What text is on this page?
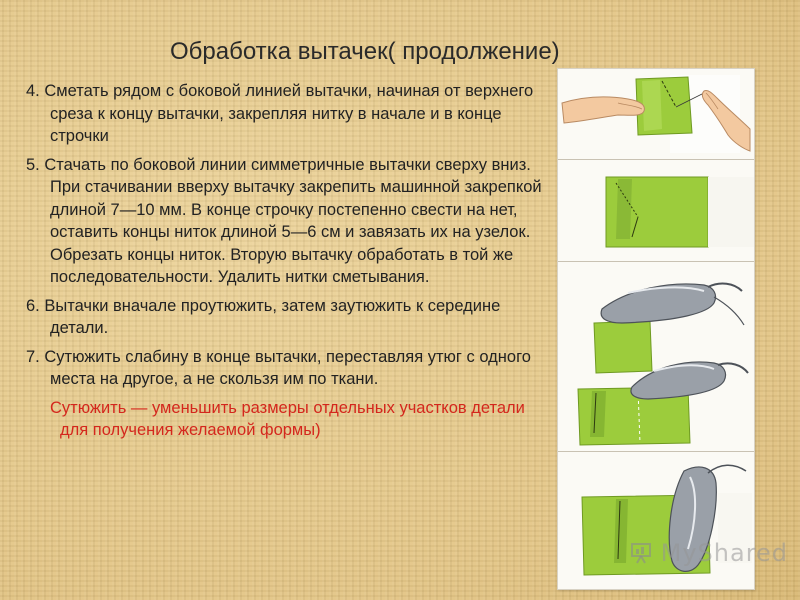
Обработка вытачек( продолжение)

4. Сметать рядом с боковой линией вытачки, начиная от верхнего среза к концу вытачки, закрепляя нитку в начале и в конце строчки

5. Стачать по боковой линии симметричные вытачки сверху вниз. При стачивании вверху вытачку закрепить машинной закрепкой длиной 7—10 мм. В конце строчку постепенно свести на нет, оставить концы ниток длиной 5—6 см и завязать их на узелок. Обрезать концы ниток. Вторую вытачку обработать в той же последовательности. Удалить нитки сметывания.

6. Вытачки вначале проутюжить, затем заутюжить к середине детали.

7. Сутюжить слабину в конце вытачки, переставляя утюг с одного места на другое, а не скользя им по ткани.

Сутюжить — уменьшить размеры отдельных участков детали для получения желаемой формы)

MyShared
